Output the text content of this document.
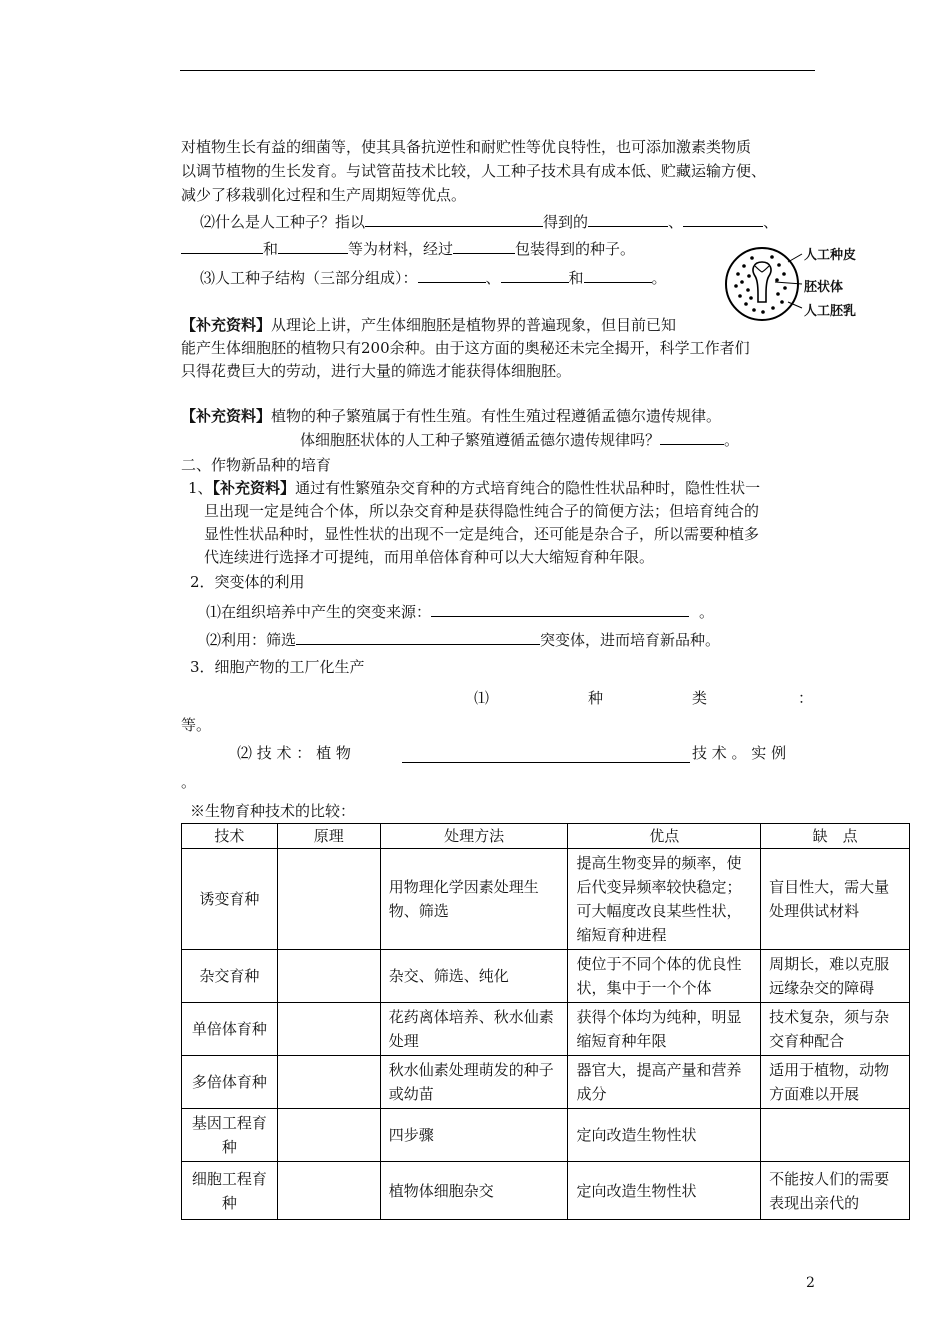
对植物生长有益的细菌等，使其具备抗逆性和耐贮性等优良特性，也可添加激素类物质
以调节植物的生长发育。与试管苗技术比较，人工种子技术具有成本低、贮藏运输方便、
减少了移栽驯化过程和生产周期短等优点。
⑵什么是人工种子？指以	得到的	、	、
和	等为材料，经过	包装得到的种子。
⑶人工种子结构（三部分组成）：	、	和	。
人工种皮
胚状体
人工胚乳
【补充资料】从理论上讲，产生体细胞胚是植物界的普遍现象，但目前已知
能产生体细胞胚的植物只有200余种。由于这方面的奥秘还未完全揭开，科学工作者们
只得花费巨大的劳动，进行大量的筛选才能获得体细胞胚。
【补充资料】植物的种子繁殖属于有性生殖。有性生殖过程遵循孟德尔遗传规律。
体细胞胚状体的人工种子繁殖遵循孟德尔遗传规律吗？	。
二、作物新品种的培育
1、【补充资料】通过有性繁殖杂交育种的方式培育纯合的隐性性状品种时，隐性性状一
旦出现一定是纯合个体，所以杂交育种是获得隐性纯合子的简便方法；但培育纯合的
显性性状品种时，显性性状的出现不一定是纯合，还可能是杂合子，所以需要种植多
代连续进行选择才可提纯，而用单倍体育种可以大大缩短育种年限。
2．突变体的利用
⑴在组织培养中产生的突变来源：	。
⑵利用：筛选	突变体，进而培育新品种。
3．细胞产物的工厂化生产
⑴	种	类	：
等。
⑵ 技 术 ： 植 物	技 术 。 实 例
。
※生物育种技术的比较：
技术	原理	处理方法	优点	缺　点
诱变育种		用物理化学因素处理生物、筛选	提高生物变异的频率，使后代变异频率较快稳定；可大幅度改良某些性状，缩短育种进程	盲目性大，需大量处理供试材料
杂交育种		杂交、筛选、纯化	使位于不同个体的优良性状，集中于一个个体	周期长，难以克服远缘杂交的障碍
单倍体育种		花药离体培养、秋水仙素处理	获得个体均为纯种，明显缩短育种年限	技术复杂，须与杂交育种配合
多倍体育种		秋水仙素处理萌发的种子或幼苗	器官大，提高产量和营养成分	适用于植物，动物方面难以开展
基因工程育种		四步骤	定向改造生物性状	
细胞工程育种		植物体细胞杂交	定向改造生物性状	不能按人们的需要表现出亲代的
2
